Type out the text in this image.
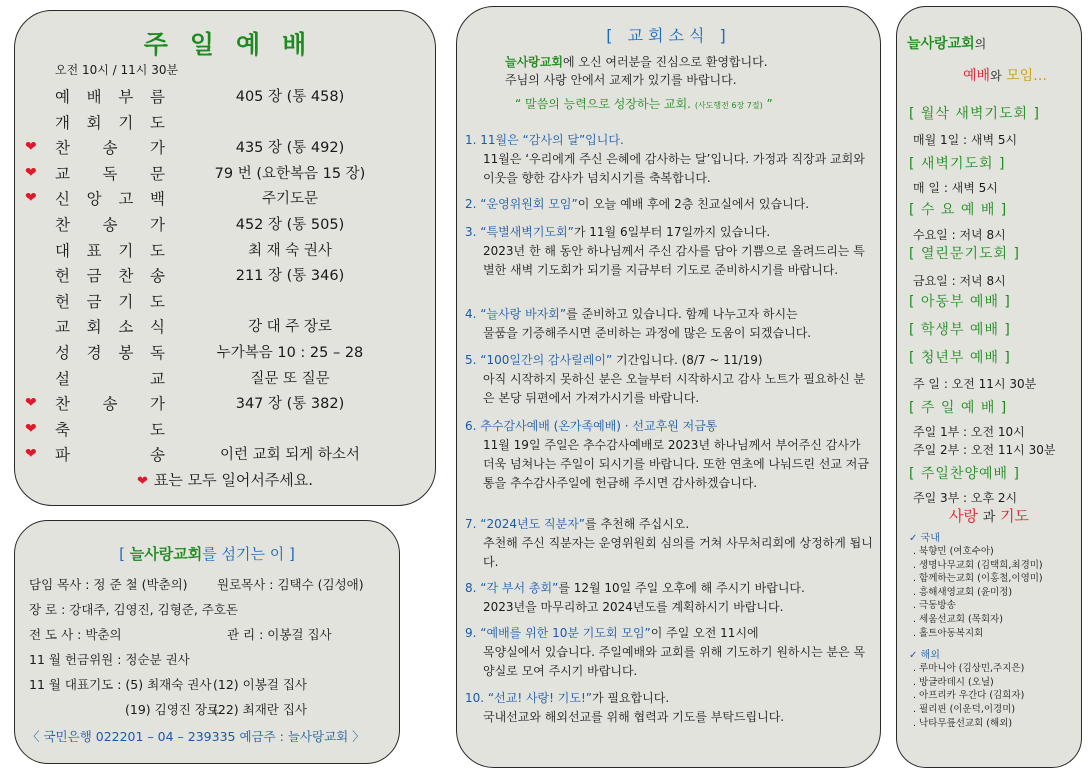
주일예배
오전 10시 / 11시 30분
예 배 부 름	405 장 (통 458)
개 회 기 도
❤ 찬 송 가	435 장 (통 492)
❤ 교 독 문	79 번 (요한복음 15 장)
❤ 신 앙 고 백	주기도문
찬 송 가	452 장 (통 505)
대 표 기 도	최 재 숙 권사
헌 금 찬 송	211 장 (통 346)
헌 금 기 도
교 회 소 식	강 대 주 장로
성 경 봉 독	누가복음 10 : 25 – 28
설	교	질문 또 질문
❤ 찬 송 가	347 장 (통 382)
❤ 축	도
❤ 파	송	이런 교회 되게 하소서
❤ 표는 모두 일어서주세요.
[ 늘사랑교회를 섬기는 이 ]
담임 목사 : 정 준 철 (박춘의) 원로목사 : 김택수 (김성애)
장 로 : 강대주, 김영진, 김형준, 주호돈
전 도 사 : 박춘의	관 리 : 이봉걸 집사
11 월 헌금위원 : 정순분 권사
11 월 대표기도 : (5) 최재숙 권사 (12) 이봉걸 집사
(19) 김영진 장로
(22) 최재란 집사
〈 국민은행 022201 – 04 – 239335 예금주 : 늘사랑교회 〉
[ 교회소식 ]
늘사랑교회에 오신 여러분을 진심으로 환영합니다.
주님의 사랑 안에서 교제가 있기를 바랍니다.
“ 말씀의 능력으로 성장하는 교회. (사도행전 6장 7절) ”
1. 11월은 “감사의 달”입니다.
11월은 ‘우리에게 주신 은혜에 감사하는 달’입니다. 가정과 직장과 교회와 이웃을 향한 감사가 넘치시기를 축복합니다.
2. “운영위원회 모임”이 오늘 예배 후에 2층 친교실에서 있습니다.
3. “특별새벽기도회”가 11월 6일부터 17일까지 있습니다.
2023년 한 해 동안 하나님께서 주신 감사를 담아 기쁨으로 올려드리는 특별한 새벽 기도회가 되기를 지금부터 기도로 준비하시기를 바랍니다.
4. “늘사랑 바자회”를 준비하고 있습니다. 함께 나누고자 하시는
물품을 기증해주시면 준비하는 과정에 많은 도움이 되겠습니다.
5. “100일간의 감사릴레이” 기간입니다. (8/7 ~ 11/19)
아직 시작하지 못하신 분은 오늘부터 시작하시고 감사 노트가 필요하신 분은 본당 뒤편에서 가져가시기를 바랍니다.
6. 추수감사예배 (온가족예배) · 선교후원 저금통
11월 19일 주일은 추수감사예배로 2023년 하나님께서 부어주신 감사가 더욱 넘쳐나는 주일이 되시기를 바랍니다. 또한 연초에 나눠드린 선교 저금통을 추수감사주일에 헌금해 주시면 감사하겠습니다.
7. “2024년도 직분자”를 추천해 주십시오.
추천해 주신 직분자는 운영위원회 심의를 거쳐 사무처리회에 상정하게 됩니다.
8. “각 부서 총회”를 12월 10일 주일 오후에 해 주시기 바랍니다.
2023년을 마무리하고 2024년도를 계획하시기 바랍니다.
9. “예배를 위한 10분 기도회 모임”이 주일 오전 11시에
목양실에서 있습니다. 주일예배와 교회를 위해 기도하기 원하시는 분은 목양실로 모여 주시기 바랍니다.
10. “선교! 사랑! 기도!”가 필요합니다.
국내선교와 해외선교를 위해 협력과 기도를 부탁드립니다.
늘사랑교회의
예배와 모임…
[ 월삭 새벽기도회 ]
매월 1일 : 새벽 5시
[ 새벽기도회 ]
매 일 : 새벽 5시
[ 수 요 예 배 ]
수요일 : 저녁 8시
[ 열린문기도회 ]
금요일 : 저녁 8시
[ 아동부 예배 ]
[ 학생부 예배 ]
[ 청년부 예배 ]
주 일 : 오전 11시 30분
[ 주 일 예 배 ]
주일 1부 : 오전 10시
주일 2부 : 오전 11시 30분
[ 주일찬양예배 ]
주일 3부 : 오후 2시
사랑 과 기도
✓ 국내
. 북향민 (여호수아)
. 생명나무교회 (김택희,최경미)
. 함께하는교회 (이홍철,이영미)
. 흥해새영교회 (윤미정)
. 극동방송
. 세움선교회 (목회자)
. 홀트아동복지회
✓ 해외
. 루마니아 (김상민,주지은)
. 방글라데시 (오닐)
. 아프리카 우간다 (김희자)
. 필리핀 (이운덕,이경미)
. 낙타무릎선교회 (해외)
